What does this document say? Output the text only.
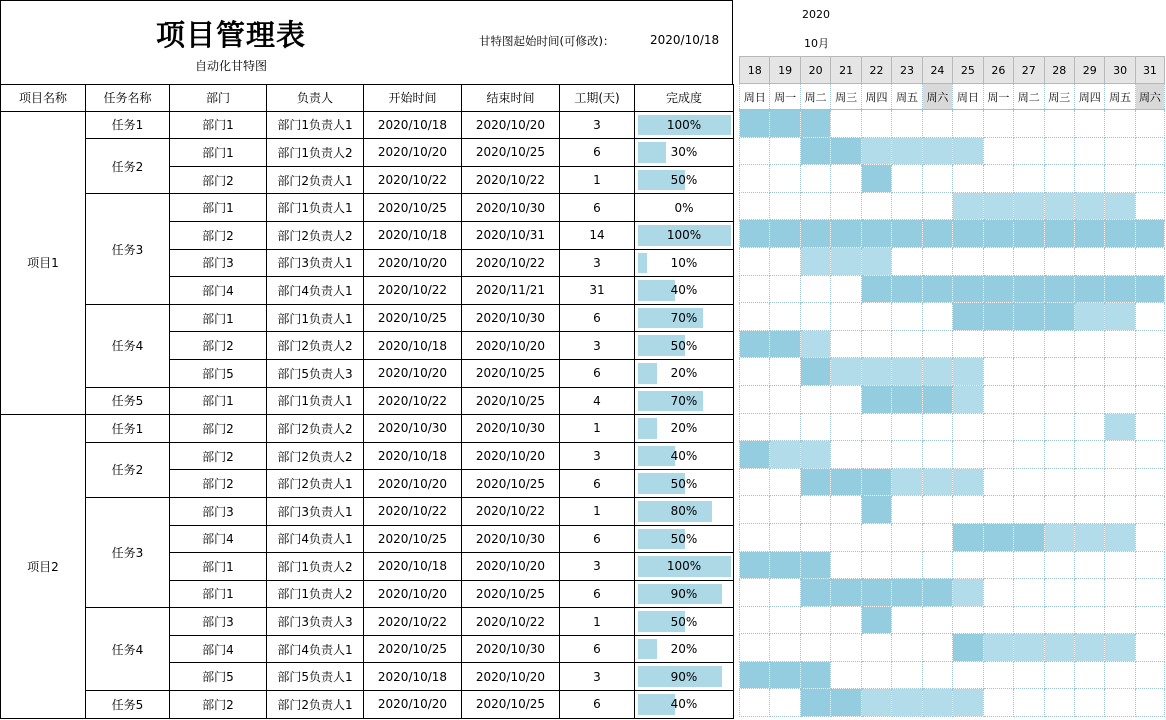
项目管理表
自动化甘特图
甘特图起始时间(可修改)：	2020/10/18
项目名称	任务名称	部门	负责人	开始时间	结束时间	工期(天)	完成度
项目1	任务1	部门1	部门1负责人1	2020/10/18	2020/10/20	3	100%
	任务2	部门1	部门1负责人2	2020/10/20	2020/10/25	6	30%
		部门2	部门2负责人1	2020/10/22	2020/10/22	1	50%
	任务3	部门1	部门1负责人1	2020/10/25	2020/10/30	6	0%
		部门2	部门2负责人2	2020/10/18	2020/10/31	14	100%
		部门3	部门3负责人1	2020/10/20	2020/10/22	3	10%
		部门4	部门4负责人1	2020/10/22	2020/11/21	31	40%
	任务4	部门1	部门1负责人1	2020/10/25	2020/10/30	6	70%
		部门2	部门2负责人2	2020/10/18	2020/10/20	3	50%
		部门5	部门5负责人3	2020/10/20	2020/10/25	6	20%
	任务5	部门1	部门1负责人1	2020/10/22	2020/10/25	4	70%
项目2	任务1	部门2	部门2负责人2	2020/10/30	2020/10/30	1	20%
	任务2	部门2	部门2负责人2	2020/10/18	2020/10/20	3	40%
		部门2	部门2负责人1	2020/10/20	2020/10/25	6	50%
	任务3	部门3	部门3负责人1	2020/10/22	2020/10/22	1	80%
		部门4	部门4负责人1	2020/10/25	2020/10/30	6	50%
		部门1	部门1负责人2	2020/10/18	2020/10/20	3	100%
		部门1	部门1负责人2	2020/10/20	2020/10/25	6	90%
	任务4	部门3	部门3负责人3	2020/10/22	2020/10/22	1	50%
		部门4	部门4负责人1	2020/10/25	2020/10/30	6	20%
		部门5	部门5负责人1	2020/10/18	2020/10/20	3	90%
	任务5	部门2	部门2负责人1	2020/10/20	2020/10/25	6	40%
2020
10月
18	19	20	21	22	23	24	25	26	27	28	29	30	31
周日	周一	周二	周三	周四	周五	周六	周日	周一	周二	周三	周四	周五	周六
